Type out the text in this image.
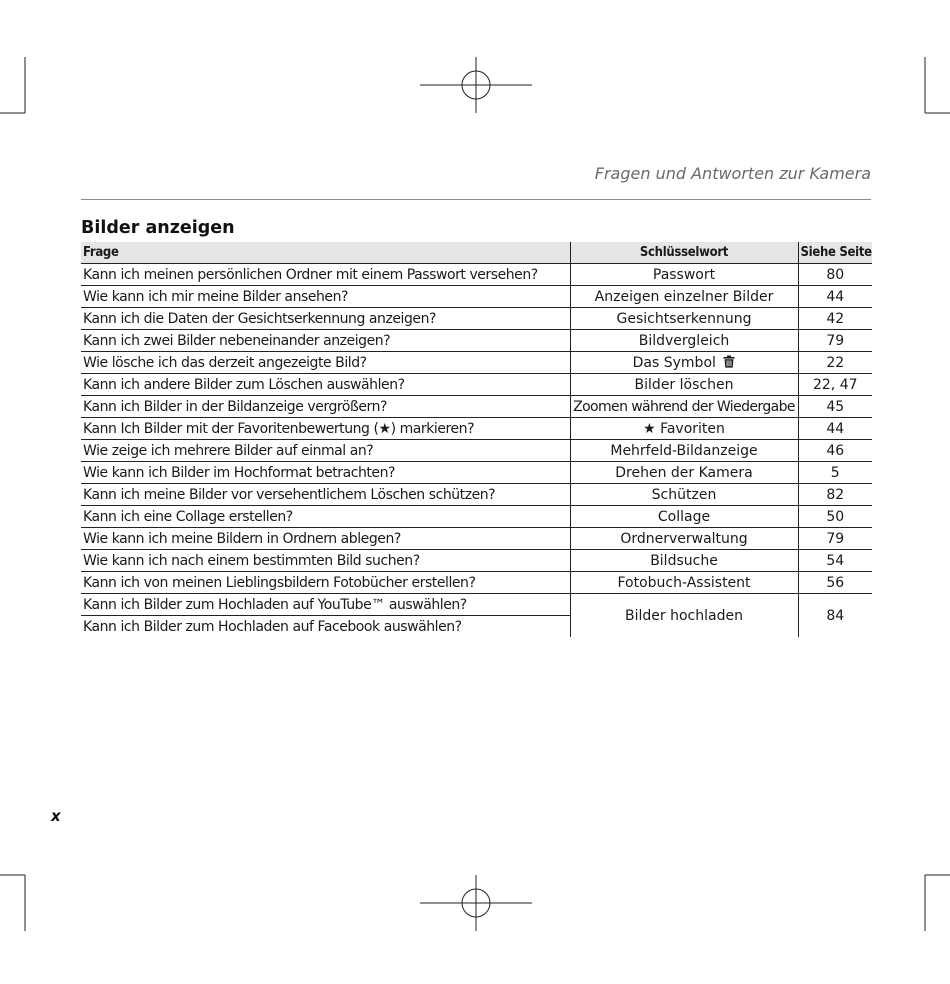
Fragen und Antworten zur Kamera
Bilder anzeigen
Frage	Schlüsselwort	Siehe Seite
Kann ich meinen persönlichen Ordner mit einem Passwort versehen?	Passwort	80
Wie kann ich mir meine Bilder ansehen?	Anzeigen einzelner Bilder	44
Kann ich die Daten der Gesichtserkennung anzeigen?	Gesichtserkennung	42
Kann ich zwei Bilder nebeneinander anzeigen?	Bildvergleich	79
Wie lösche ich das derzeit angezeigte Bild?	Das Symbol	22
Kann ich andere Bilder zum Löschen auswählen?	Bilder löschen	22, 47
Kann ich Bilder in der Bildanzeige vergrößern?	Zoomen während der Wiedergabe	45
Kann Ich Bilder mit der Favoritenbewertung (★) markieren?	★ Favoriten	44
Wie zeige ich mehrere Bilder auf einmal an?	Mehrfeld-Bildanzeige	46
Wie kann ich Bilder im Hochformat betrachten?	Drehen der Kamera	5
Kann ich meine Bilder vor versehentlichem Löschen schützen?	Schützen	82
Kann ich eine Collage erstellen?	Collage	50
Wie kann ich meine Bildern in Ordnern ablegen?	Ordnerverwaltung	79
Wie kann ich nach einem bestimmten Bild suchen?	Bildsuche	54
Kann ich von meinen Lieblingsbildern Fotobücher erstellen?	Fotobuch-Assistent	56
Kann ich Bilder zum Hochladen auf YouTube™ auswählen?	Bilder hochladen	84
Kann ich Bilder zum Hochladen auf Facebook auswählen?		
x
